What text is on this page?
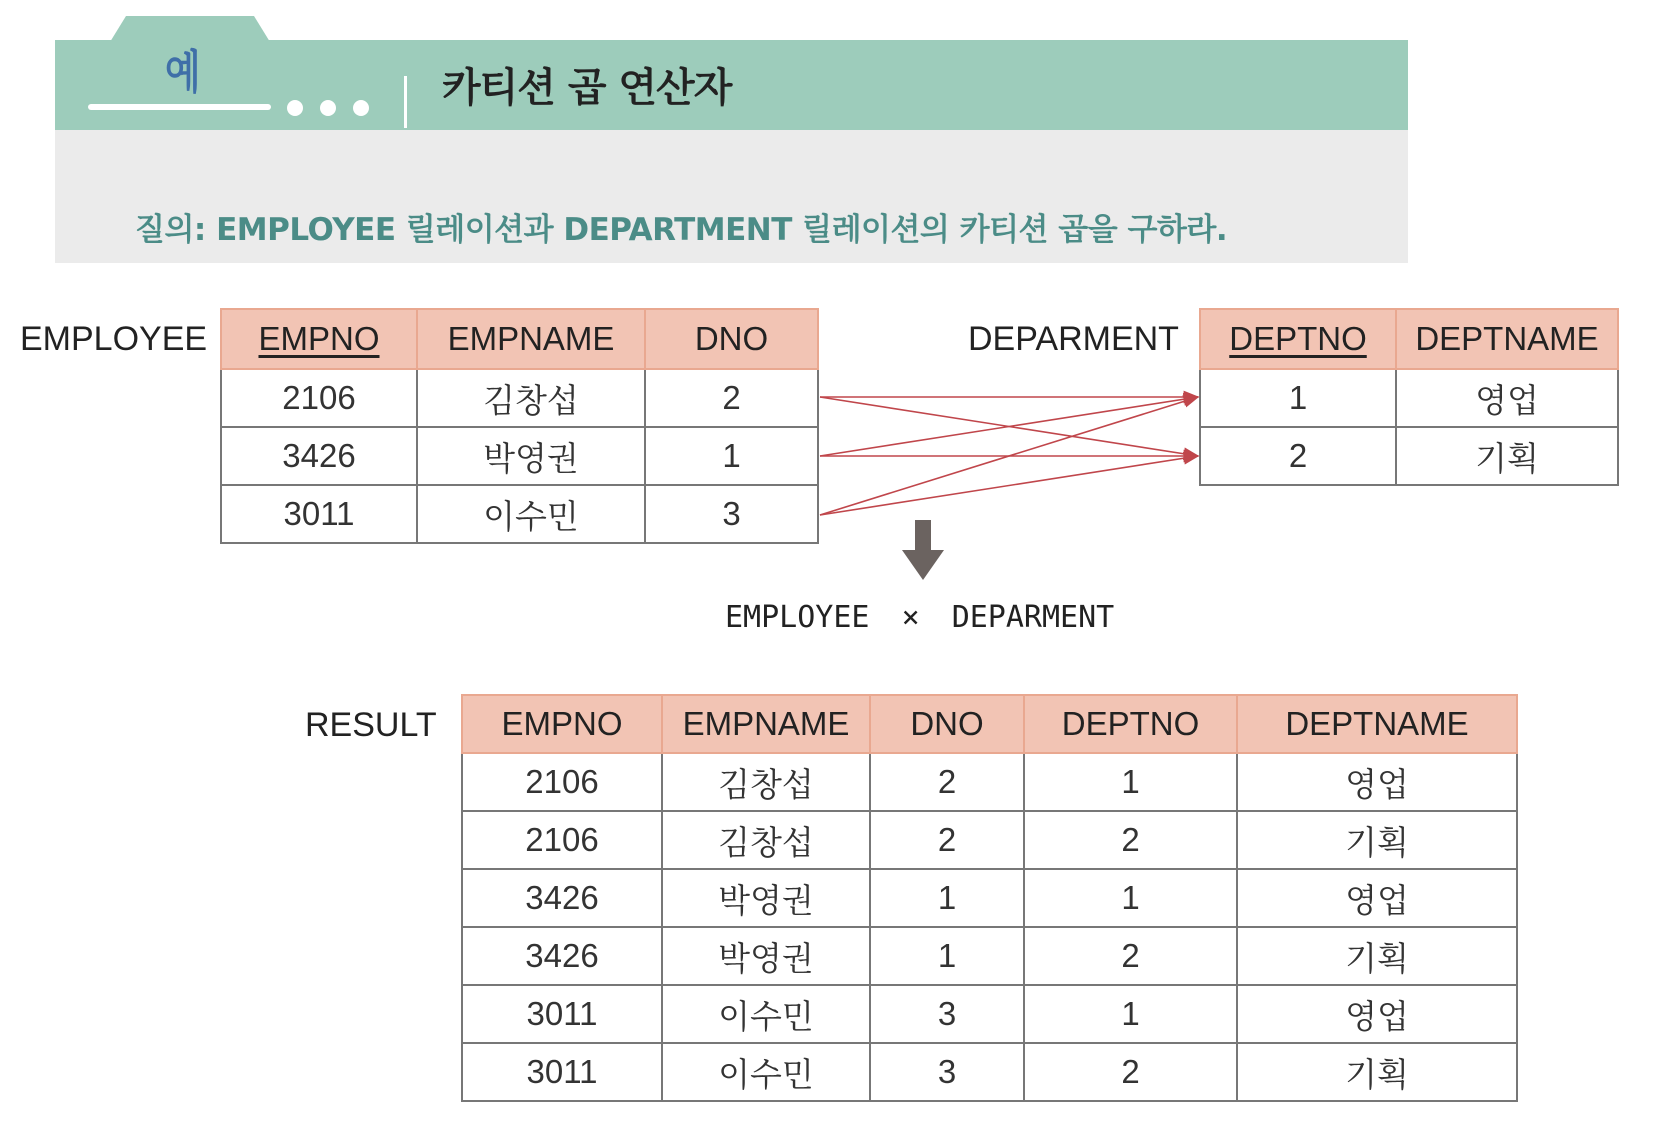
예	카티션 곱 연산자
질의: EMPLOYEE 릴레이션과 DEPARTMENT 릴레이션의 카티션 곱을 구하라.
EMPLOYEE EMPNO	EMPNAME	DNO
2106	김창섭	2
3426	박영권	1
3011	이수민	3
DEPARMENT DEPTNO	DEPTNAME
1	영업
2	기획
EMPLOYEE × DEPARMENT
RESULT EMPNO	EMPNAME	DNO	DEPTNO	DEPTNAME
2106	김창섭	2	1	영업
2106	김창섭	2	2	기획
3426	박영권	1	1	영업
3426	박영권	1	2	기획
3011	이수민	3	1	영업
3011	이수민	3	2	기획
